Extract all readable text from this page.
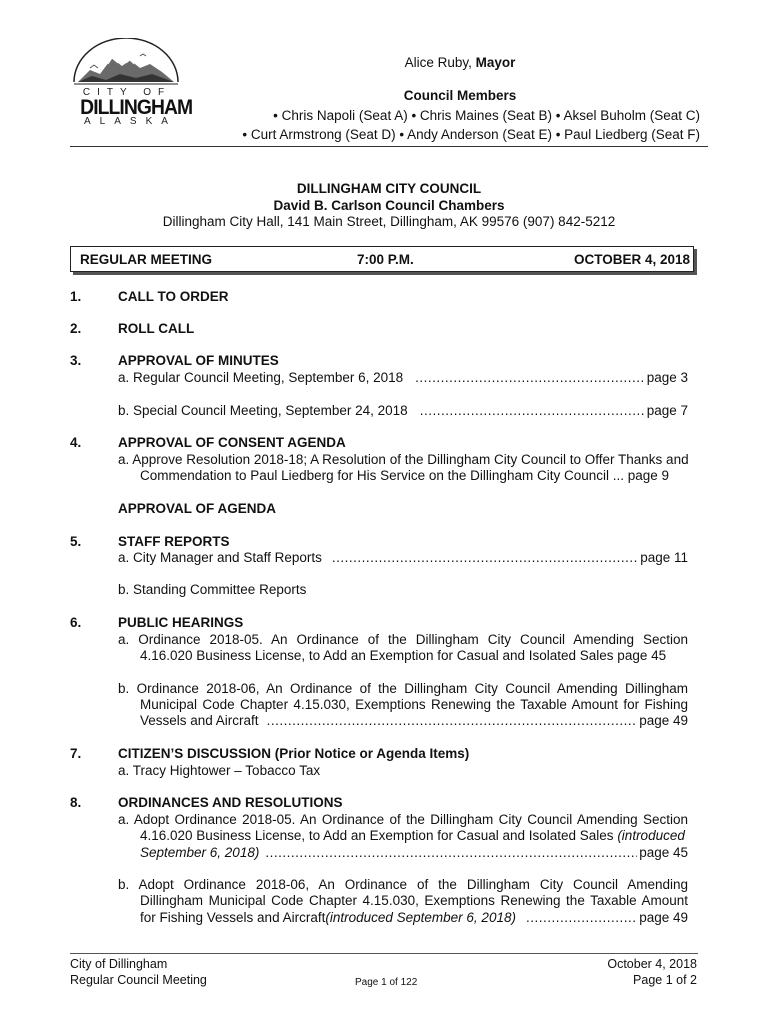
CITY OF
DILLINGHAM
ALASKA
Alice Ruby, Mayor
Council Members
• Chris Napoli (Seat A) • Chris Maines (Seat B) • Aksel Buholm (Seat C)
• Curt Armstrong (Seat D) • Andy Anderson (Seat E) • Paul Liedberg (Seat F)
DILLINGHAM CITY COUNCIL
David B. Carlson Council Chambers
Dillingham City Hall, 141 Main Street, Dillingham, AK 99576 (907) 842-5212
REGULAR MEETING	7:00 P.M.	OCTOBER 4, 2018
1.	CALL TO ORDER
2.	ROLL CALL
3.	APPROVAL OF MINUTES
a. Regular Council Meeting, September 6, 2018 .....	page 3
b. Special Council Meeting, September 24, 2018 .....	page 7
4.	APPROVAL OF CONSENT AGENDA
a. Approve Resolution 2018-18; A Resolution of the Dillingham City Council to Offer Thanks and
Commendation to Paul Liedberg for His Service on the Dillingham City Council ... page 9
APPROVAL OF AGENDA
5.	STAFF REPORTS
a. City Manager and Staff Reports .....	page 11
b. Standing Committee Reports
6.	PUBLIC HEARINGS
a. Ordinance 2018-05. An Ordinance of the Dillingham City Council Amending Section
4.16.020 Business License, to Add an Exemption for Casual and Isolated Sales page 45
b. Ordinance 2018-06, An Ordinance of the Dillingham City Council Amending Dillingham
Municipal Code Chapter 4.15.030, Exemptions Renewing the Taxable Amount for Fishing
Vessels and Aircraft .....	page 49
7.	CITIZEN’S DISCUSSION (Prior Notice or Agenda Items)
a. Tracy Hightower – Tobacco Tax
8.	ORDINANCES AND RESOLUTIONS
a. Adopt Ordinance 2018-05. An Ordinance of the Dillingham City Council Amending Section
4.16.020 Business License, to Add an Exemption for Casual and Isolated Sales (introduced
September 6, 2018) .....	page 45
b. Adopt Ordinance 2018-06, An Ordinance of the Dillingham City Council Amending
Dillingham Municipal Code Chapter 4.15.030, Exemptions Renewing the Taxable Amount
for Fishing Vessels and Aircraft (introduced September 6, 2018) .....	page 49
City of Dillingham
Regular Council Meeting	Page 1 of 122
October 4, 2018
Page 1 of 2
